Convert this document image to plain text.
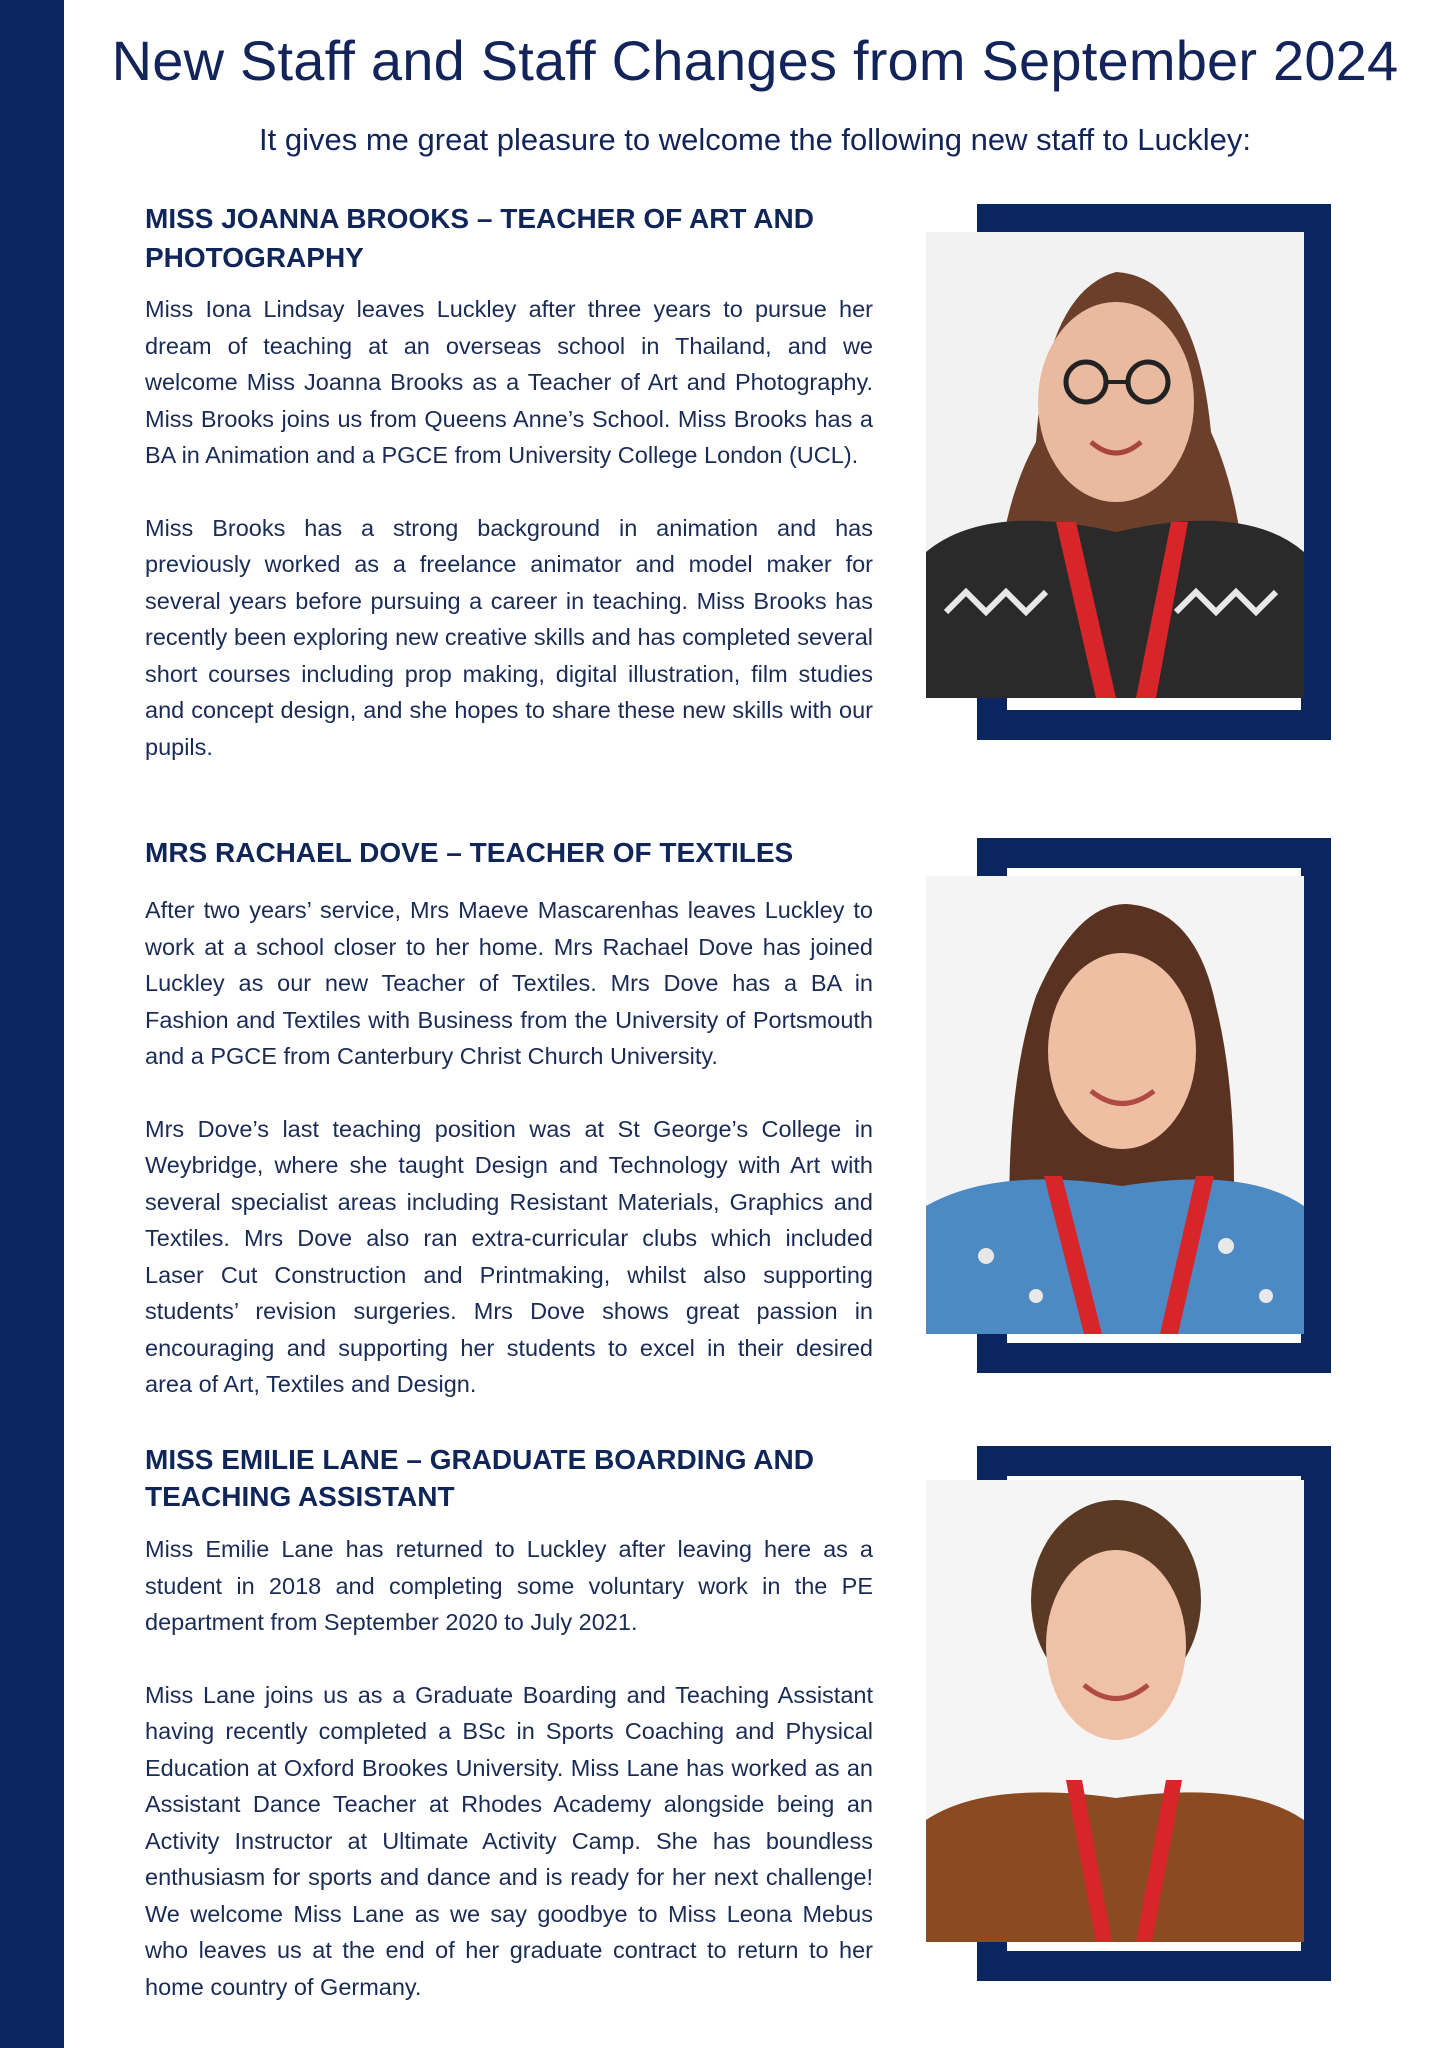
New Staff and Staff Changes from September 2024

It gives me great pleasure to welcome the following new staff to Luckley:

MISS JOANNA BROOKS – TEACHER OF ART AND
PHOTOGRAPHY

Miss Iona Lindsay leaves Luckley after three years to pursue her dream of teaching at an overseas school in Thailand, and we welcome Miss Joanna Brooks as a Teacher of Art and Photography. Miss Brooks joins us from Queens Anne’s School. Miss Brooks has a BA in Animation and a PGCE from University College London (UCL).

Miss Brooks has a strong background in animation and has previously worked as a freelance animator and model maker for several years before pursuing a career in teaching. Miss Brooks has recently been exploring new creative skills and has completed several short courses including prop making, digital illustration, film studies and concept design, and she hopes to share these new skills with our pupils.

MRS RACHAEL DOVE – TEACHER OF TEXTILES

After two years’ service, Mrs Maeve Mascarenhas leaves Luckley to work at a school closer to her home. Mrs Rachael Dove has joined Luckley as our new Teacher of Textiles. Mrs Dove has a BA in Fashion and Textiles with Business from the University of Portsmouth and a PGCE from Canterbury Christ Church University.

Mrs Dove’s last teaching position was at St George’s College in Weybridge, where she taught Design and Technology with Art with several specialist areas including Resistant Materials, Graphics and Textiles. Mrs Dove also ran extra-curricular clubs which included Laser Cut Construction and Printmaking, whilst also supporting students’ revision surgeries. Mrs Dove shows great passion in encouraging and supporting her students to excel in their desired area of Art, Textiles and Design.

MISS EMILIE LANE – GRADUATE BOARDING AND
TEACHING ASSISTANT

Miss Emilie Lane has returned to Luckley after leaving here as a student in 2018 and completing some voluntary work in the PE department from September 2020 to July 2021.

Miss Lane joins us as a Graduate Boarding and Teaching Assistant having recently completed a BSc in Sports Coaching and Physical Education at Oxford Brookes University. Miss Lane has worked as an Assistant Dance Teacher at Rhodes Academy alongside being an Activity Instructor at Ultimate Activity Camp. She has boundless enthusiasm for sports and dance and is ready for her next challenge! We welcome Miss Lane as we say goodbye to Miss Leona Mebus who leaves us at the end of her graduate contract to return to her home country of Germany.
